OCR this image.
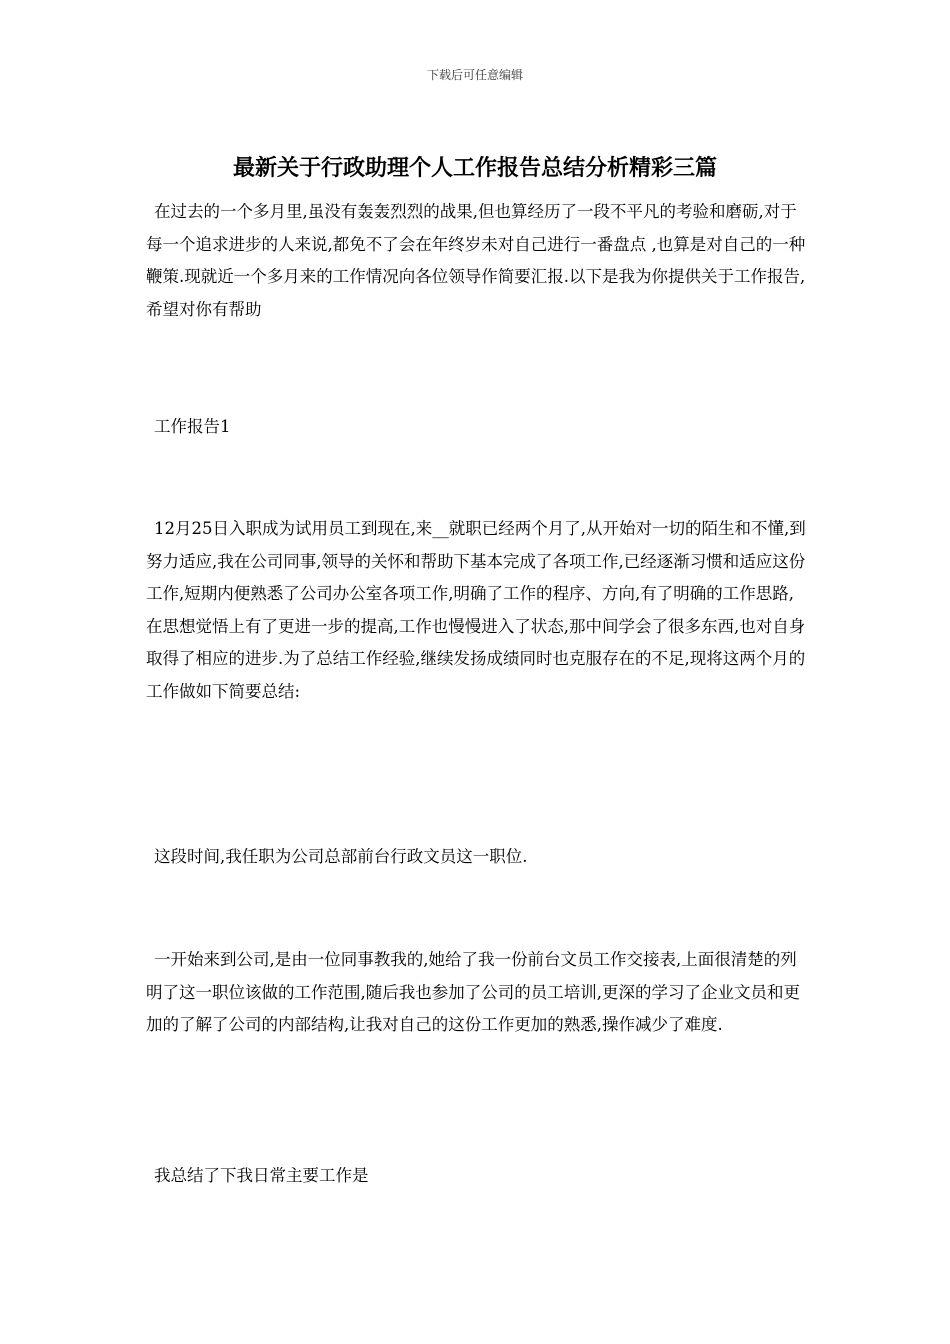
下载后可任意编辑
最新关于行政助理个人工作报告总结分析精彩三篇

在过去的一个多月里,虽没有轰轰烈烈的战果,但也算经历了一段不平凡的考验和磨砺,对于每一个追求进步的人来说,都免不了会在年终岁未对自己进行一番盘点 ,也算是对自己的一种鞭策.现就近一个多月来的工作情况向各位领导作简要汇报.以下是我为你提供关于工作报告,希望对你有帮助

工作报告1

12月25日入职成为试用员工到现在,来__就职已经两个月了,从开始对一切的陌生和不懂,到努力适应,我在公司同事,领导的关怀和帮助下基本完成了各项工作,已经逐渐习惯和适应这份工作,短期内便熟悉了公司办公室各项工作,明确了工作的程序、方向,有了明确的工作思路,在思想觉悟上有了更进一步的提高,工作也慢慢进入了状态,那中间学会了很多东西,也对自身取得了相应的进步.为了总结工作经验,继续发扬成绩同时也克服存在的不足,现将这两个月的工作做如下简要总结:

这段时间,我任职为公司总部前台行政文员这一职位.

一开始来到公司,是由一位同事教我的,她给了我一份前台文员工作交接表,上面很清楚的列明了这一职位该做的工作范围,随后我也参加了公司的员工培训,更深的学习了企业文员和更加的了解了公司的内部结构,让我对自己的这份工作更加的熟悉,操作减少了难度.

我总结了下我日常主要工作是
